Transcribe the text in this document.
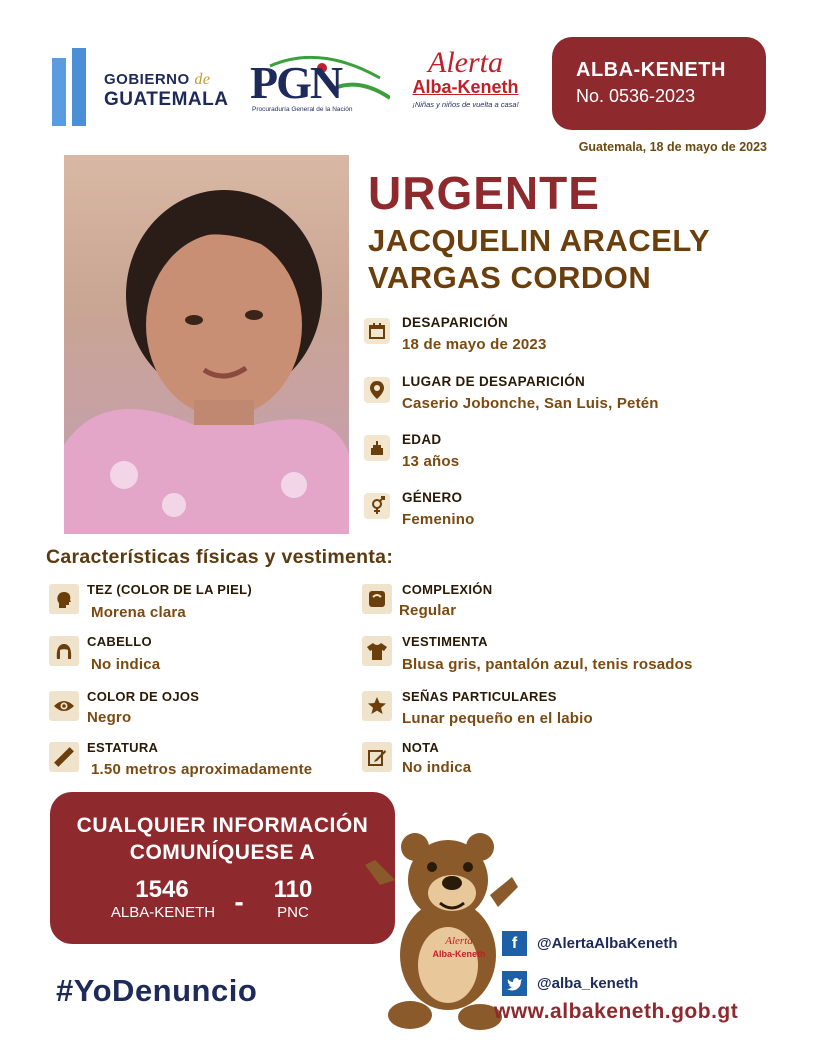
GOBIERNO de
GUATEMALA PGN
Procuraduría General de la Nación
Alerta
Alba-Keneth
¡Niñas y niños de vuelta a casa!
ALBA-KENETH
No. 0536-2023
Guatemala, 18 de mayo de 2023
URGENTE
JACQUELIN ARACELY
VARGAS CORDON
DESAPARICIÓN
18 de mayo de 2023
LUGAR DE DESAPARICIÓN
Caserio Jobonche, San Luis, Petén
EDAD
13 años
GÉNERO
Femenino
Características físicas y vestimenta:
TEZ (COLOR DE LA PIEL)
Morena clara
CABELLO
No indica
COLOR DE OJOS
Negro
ESTATURA
1.50 metros aproximadamente
COMPLEXIÓN
Regular
VESTIMENTA
Blusa gris, pantalón azul, tenis rosados
SEÑAS PARTICULARES
Lunar pequeño en el labio
NOTA
No indica
CUALQUIER INFORMACIÓN
COMUNÍQUESE A
1546
ALBA-KENETH -	110
PNC
Alerta
Alba-Keneth
#YoDenuncio
f	@AlertaAlbaKeneth
@alba_keneth
www.albakeneth.gob.gt
